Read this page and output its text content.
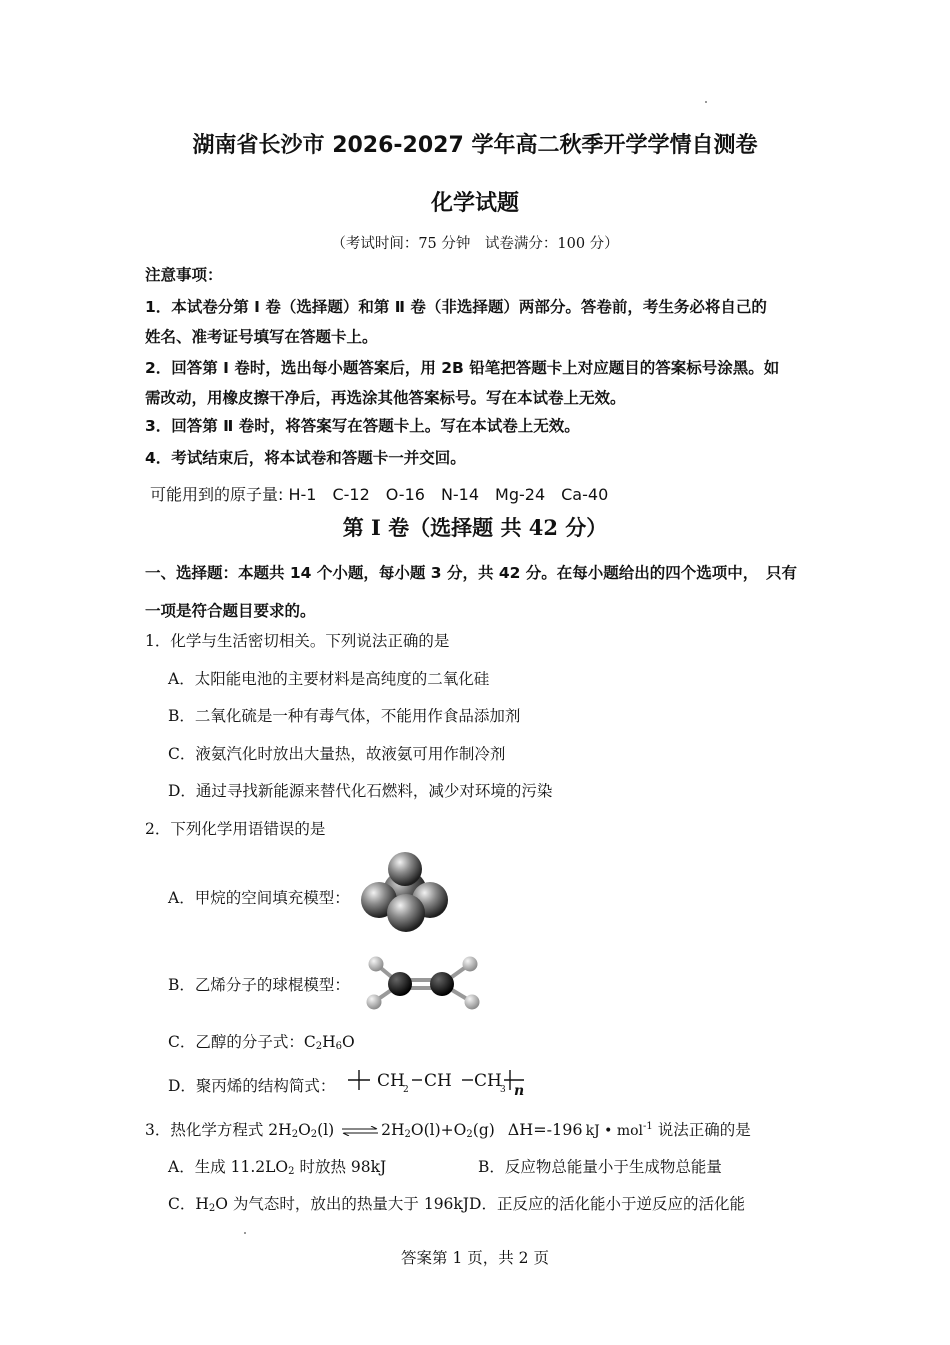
湖南省长沙市 2026-2027 学年高二秋季开学学情自测卷
化学试题
（考试时间：75 分钟　试卷满分：100 分）
注意事项：
1．本试卷分第 Ⅰ 卷（选择题）和第 Ⅱ 卷（非选择题）两部分。答卷前，考生务必将自己的
姓名、准考证号填写在答题卡上。
2．回答第 Ⅰ 卷时，选出每小题答案后，用 2B 铅笔把答题卡上对应题目的答案标号涂黑。如
需改动，用橡皮擦干净后，再选涂其他答案标号。写在本试卷上无效。
3．回答第 Ⅱ 卷时，将答案写在答题卡上。写在本试卷上无效。
4．考试结束后，将本试卷和答题卡一并交回。
可能用到的原子量: H-1　C-12　O-16　N-14　Mg-24　Ca-40
第 I 卷（选择题 共 42 分）
一、选择题：本题共 14 个小题，每小题 3 分，共 42 分。在每小题给出的四个选项中，　只有
一项是符合题目要求的。
1．化学与生活密切相关。下列说法正确的是
A．太阳能电池的主要材料是高纯度的二氧化硅
B．二氧化硫是一种有毒气体，不能用作食品添加剂
C．液氨汽化时放出大量热，故液氨可用作制冷剂
D．通过寻找新能源来替代化石燃料，减少对环境的污染
2．下列化学用语错误的是
A．甲烷的空间填充模型：
B．乙烯分子的球棍模型：
C．乙醇的分子式：$C_2H_6O$
D．聚丙烯的结构简式： CH
2 CH CH
3 n
3．热化学方程式 $2H_2O_2(l)$ $\rightleftharpoons 2H_2O(l)+O_2(g)$ ΔH=-196 kJ • mol$^{-1}$ 说法正确的是
A．生成 $11.2LO_2$ 时放热 98kJ	B．反应物总能量小于生成物总能量
C．$H_2O$ 为气态时，放出的热量大于 196kJD．正反应的活化能小于逆反应的活化能
答案第 1 页，共 2 页
